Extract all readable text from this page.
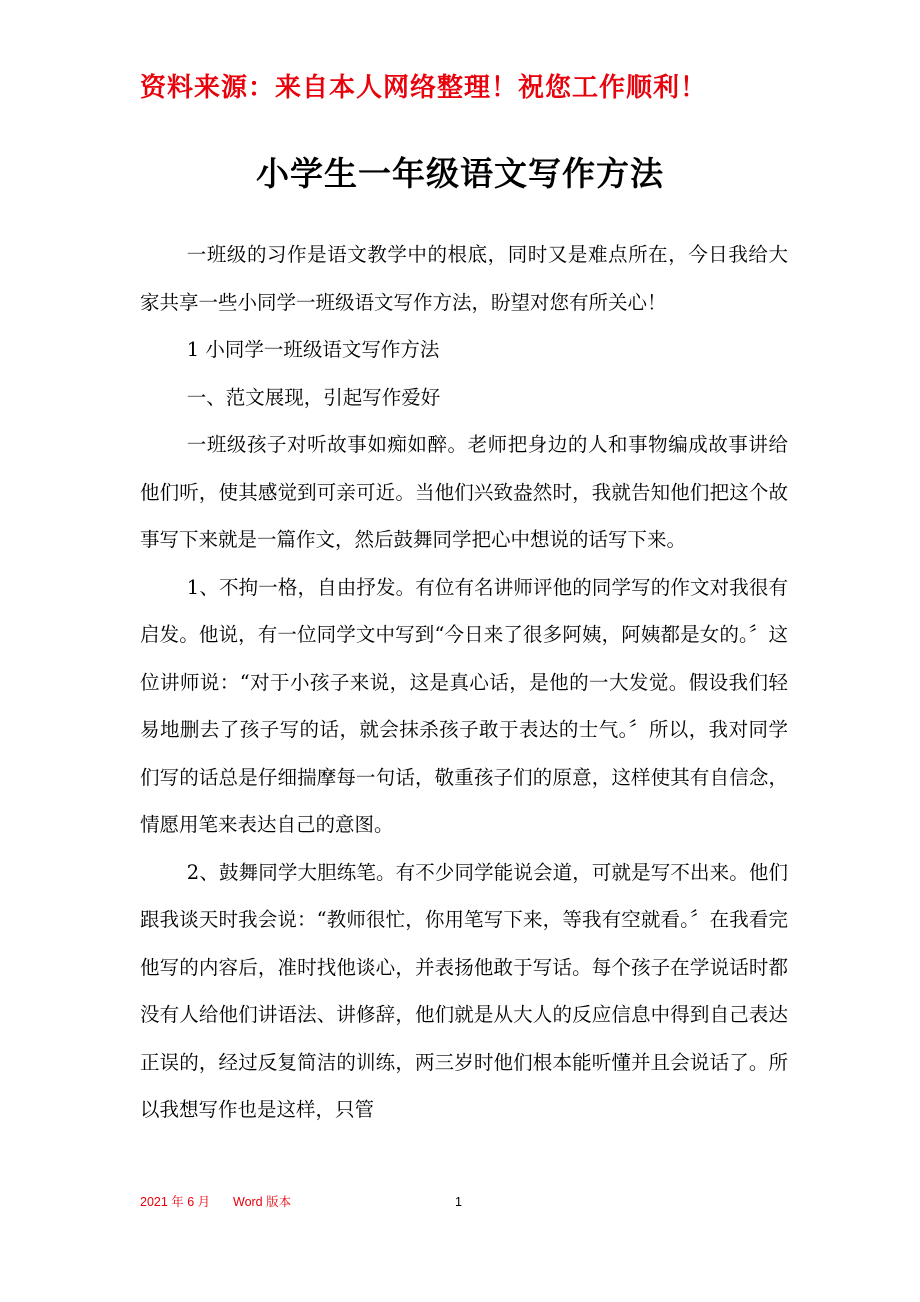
资料来源：来自本人网络整理！祝您工作顺利！
小学生一年级语文写作方法

一班级的习作是语文教学中的根底，同时又是难点所在，今日我给大家共享一些小同学一班级语文写作方法，盼望对您有所关心！

1 小同学一班级语文写作方法

一、范文展现，引起写作爱好

一班级孩子对听故事如痴如醉。老师把身边的人和事物编成故事讲给他们听，使其感觉到可亲可近。当他们兴致盎然时，我就告知他们把这个故事写下来就是一篇作文，然后鼓舞同学把心中想说的话写下来。

1、不拘一格，自由抒发。有位有名讲师评他的同学写的作文对我很有启发。他说，有一位同学文中写到“今日来了很多阿姨，阿姨都是女的。〞这位讲师说：“对于小孩子来说，这是真心话，是他的一大发觉。假设我们轻易地删去了孩子写的话，就会抹杀孩子敢于表达的士气。〞所以，我对同学们写的话总是仔细揣摩每一句话，敬重孩子们的原意，这样使其有自信念，情愿用笔来表达自己的意图。

2、鼓舞同学大胆练笔。有不少同学能说会道，可就是写不出来。他们跟我谈天时我会说：“教师很忙，你用笔写下来，等我有空就看。〞在我看完他写的内容后，准时找他谈心，并表扬他敢于写话。每个孩子在学说话时都没有人给他们讲语法、讲修辞，他们就是从大人的反应信息中得到自己表达正误的，经过反复简洁的训练，两三岁时他们根本能听懂并且会说话了。所以我想写作也是这样，只管

2021 年 6 月 Word 版本	1
